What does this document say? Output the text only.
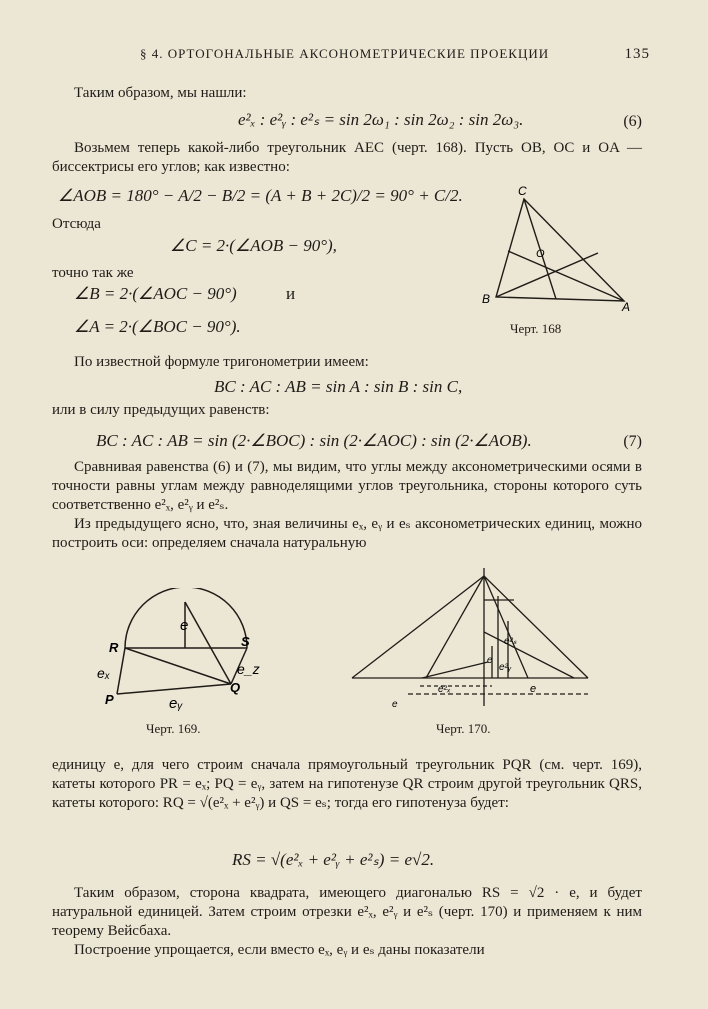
§ 4. ОРТОГОНАЛЬНЫЕ АКСОНОМЕТРИЧЕСКИЕ ПРОЕКЦИИ	135
Таким образом, мы нашли:
e²ₓ : e²ᵧ : e²ₛ = sin 2ω₁ : sin 2ω₂ : sin 2ω₃.	(6)
Возьмем теперь какой-либо треугольник AEC (черт. 168). Пусть OB, OC и OA — биссектрисы его углов; как известно:
∠AOB = 180° − A/2 − B/2 = (A + B + 2C)/2 = 90° + C/2.
Отсюда
∠C = 2·(∠AOB − 90°),
точно так же
∠B = 2·(∠AOC − 90°)	и
∠A = 2·(∠BOC − 90°).
C
O
B
A
Черт. 168
По известной формуле тригонометрии имеем:
BC : AC : AB = sin A : sin B : sin C,
или в силу предыдущих равенств:
BC : AC : AB = sin (2·∠BOC) : sin (2·∠AOC) : sin (2·∠AOB).	(7)
Сравнивая равенства (6) и (7), мы видим, что углы между аксонометрическими осями в точности равны углам между равноделящими углов треугольника, стороны которого суть соответственно e²ₓ, e²ᵧ и e²ₛ.
Из предыдущего ясно, что, зная величины eₓ, eᵧ и eₛ аксонометрических единиц, можно построить оси: определяем сначала натуральную
e
R	S
eₓ	e_z
P	eᵧ
Q
Черт. 169.
e
e²ₛ
e
e²ᵧ
e²ₓ
e
Черт. 170.
единицу e, для чего строим сначала прямоугольный треугольник PQR (см. черт. 169), катеты которого PR = eₓ; PQ = eᵧ, затем на гипотенузе QR строим другой треугольник QRS, катеты которого: RQ = √(e²ₓ + e²ᵧ) и QS = eₛ; тогда его гипотенуза будет:
RS = √(e²ₓ + e²ᵧ + e²ₛ) = e√2.
Таким образом, сторона квадрата, имеющего диагональю RS = √2 · e, и будет натуральной единицей. Затем строим отрезки e²ₓ, e²ᵧ и e²ₛ (черт. 170) и применяем к ним теорему Вейсбаха.
Построение упрощается, если вместо eₓ, eᵧ и eₛ даны показатели
